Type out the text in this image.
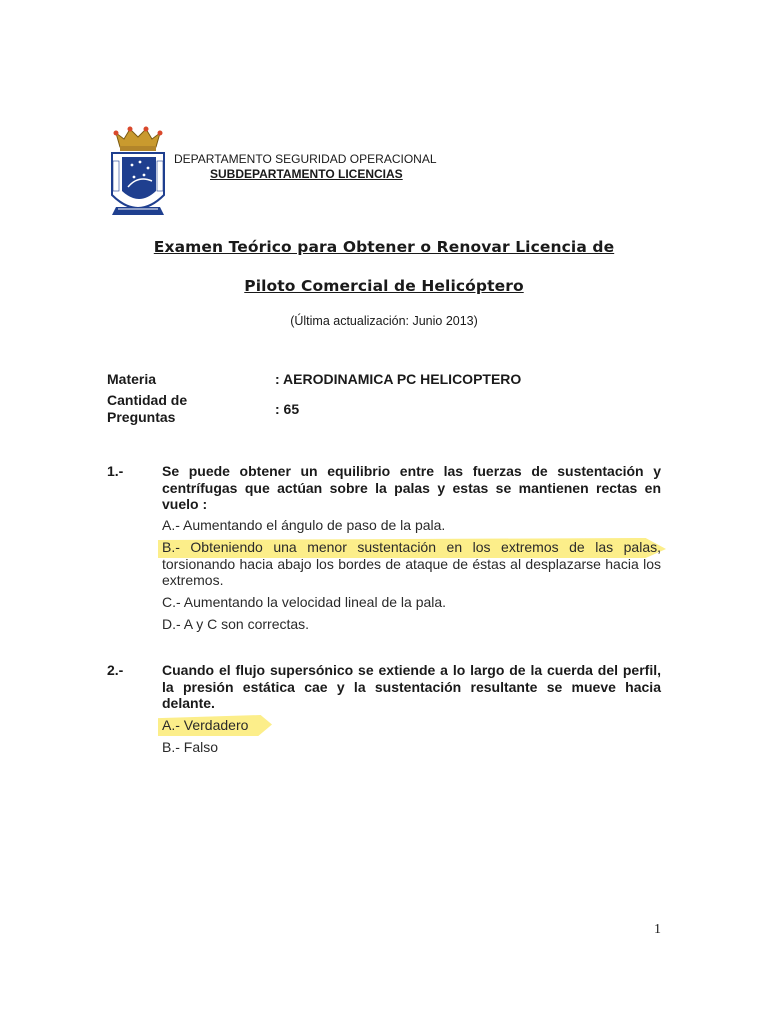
DEPARTAMENTO SEGURIDAD OPERACIONAL
SUBDEPARTAMENTO LICENCIAS
Examen Teórico para Obtener o Renovar Licencia de
Piloto Comercial de Helicóptero
(Última actualización: Junio 2013)
Materia	: AERODINAMICA PC HELICOPTERO
Cantidad de
Preguntas	: 65
1.-	Se puede obtener un equilibrio entre las fuerzas de sustentación y centrífugas que actúan sobre la palas y estas se mantienen rectas en vuelo :
A.- Aumentando el ángulo de paso de la pala.
B.- Obteniendo una menor sustentación en los extremos de las palas, torsionando hacia abajo los bordes de ataque de éstas al desplazarse hacia los extremos.
C.- Aumentando la velocidad lineal de la pala.
D.- A y C son correctas.
2.-	Cuando el flujo supersónico se extiende a lo largo de la cuerda del perfil, la presión estática cae y la sustentación resultante se mueve hacia delante.
A.- Verdadero
B.- Falso
1
